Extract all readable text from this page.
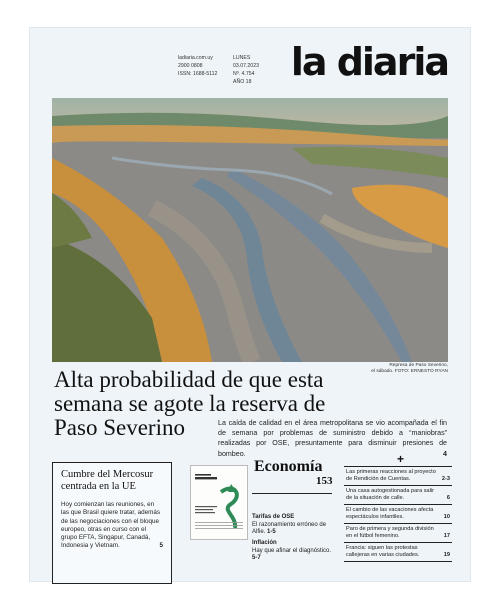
ladiaria.com.uy
2900 0808
ISSN: 1688-5112
LUNES
03.07.2023
Nº. 4.754
AÑO 18 la diaria
Represa de Paso Severino,
el sábado. FOTO: ERNESTO RYAN
Alta probabilidad de que esta semana se agote la reserva de Paso Severino	La caída de calidad en el área metropolitana se vio acompañada el fin de semana por problemas de suministro debido a “maniobras” realizadas por OSE, presuntamente para disminuir presiones de bombeo.	4
Cumbre del Mercosur centrada en la UE
Hoy comienzan las reuniones, en las que Brasil quiere tratar, además de las negociaciones con el bloque europeo, otras en curso con el grupo EFTA, Singapur, Canadá, Indonesia y Vietnam.	5
Economía
153
Tarifas de OSE
El razonamiento erróneo de Alfie. 1-5
Inflación
Hay que afinar el diagnóstico. 5-7
+
Las primeras reacciones al proyecto de Rendición de Cuentas.	2-3
Una casa autogestionada para salir de la situación de calle.	6
El cambio de las vacaciones afecta espectáculos infantiles.	10
Paro de primera y segunda división en el fútbol femenino.	17
Francia: siguen las protestas callejeras en varias ciudades.	19
